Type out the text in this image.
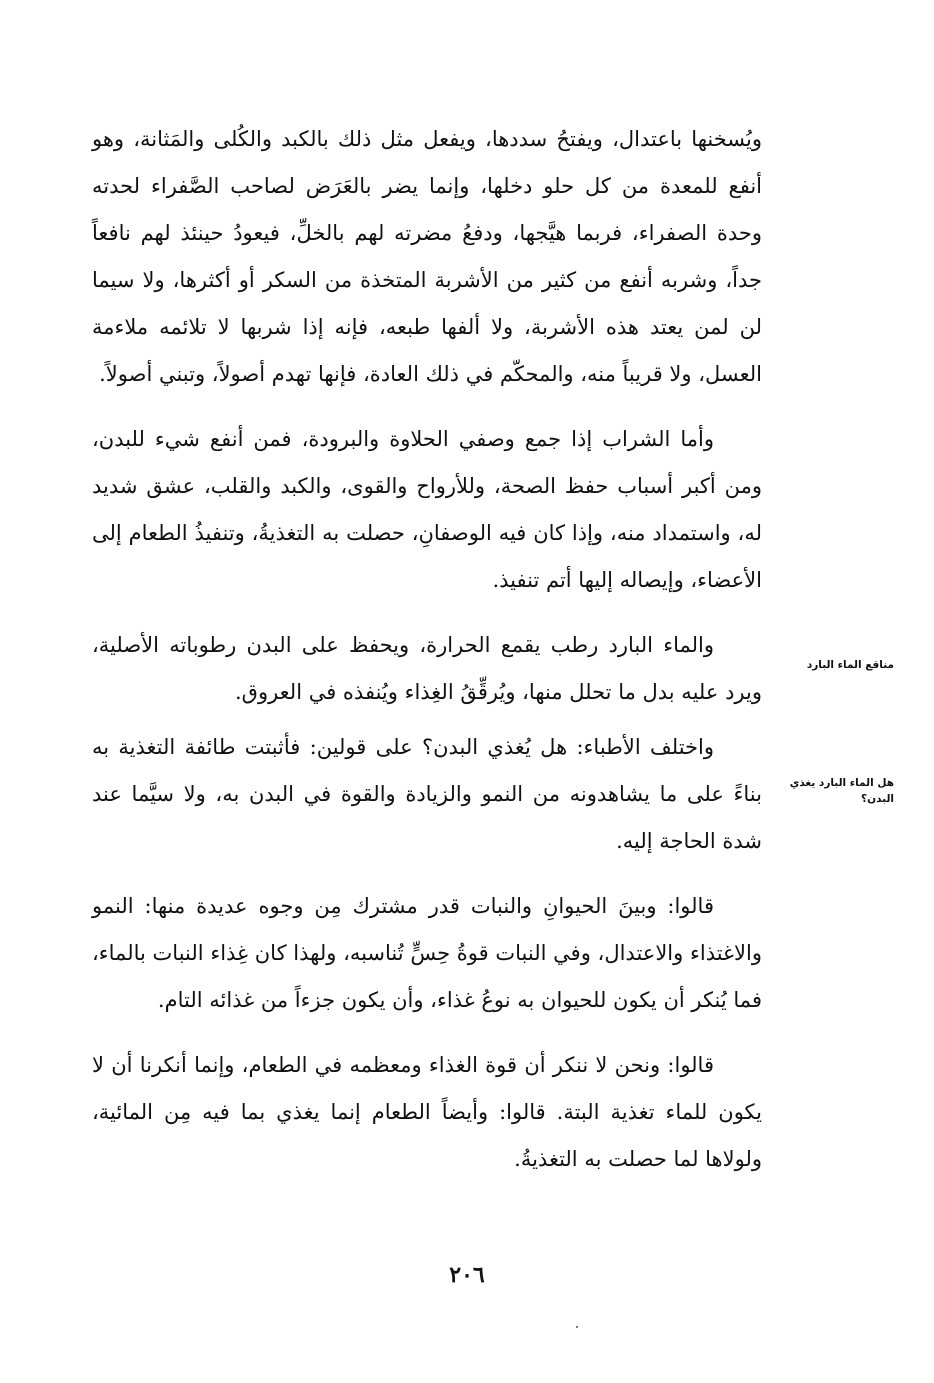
ويُسخنها باعتدال، ويفتحُ سددها، ويفعل مثل ذلك بالكبد والكُلى والمَثانة، وهو أنفع للمعدة من كل حلو دخلها، وإنما يضر بالعَرَض لصاحب الصَّفراء لحدته وحدة الصفراء، فربما هيَّجها، ودفعُ مضرته لهم بالخلِّ، فيعودُ حينئذ لهم نافعاً جداً، وشربه أنفع من كثير من الأشربة المتخذة من السكر أو أكثرها، ولا سيما لن لمن يعتد هذه الأشربة، ولا ألفها طبعه، فإنه إذا شربها لا تلائمه ملاءمة العسل، ولا قريباً منه، والمحكّم في ذلك العادة، فإنها تهدم أصولاً، وتبني أصولاً.

وأما الشراب إذا جمع وصفي الحلاوة والبرودة، فمن أنفع شيء للبدن، ومن أكبر أسباب حفظ الصحة، وللأرواح والقوى، والكبد والقلب، عشق شديد له، واستمداد منه، وإذا كان فيه الوصفانِ، حصلت به التغذيةُ، وتنفيذُ الطعام إلى الأعضاء، وإيصاله إليها أتم تنفيذ.

والماء البارد رطب يقمع الحرارة، ويحفظ على البدن رطوباته الأصلية، ويرد عليه بدل ما تحلل منها، ويُرقِّقُ الغِذاء ويُنفذه في العروق.

واختلف الأطباء: هل يُغذي البدن؟ على قولين: فأثبتت طائفة التغذية به بناءً على ما يشاهدونه من النمو والزيادة والقوة في البدن به، ولا سيَّما عند شدة الحاجة إليه.

قالوا: وبينَ الحيوانِ والنبات قدر مشترك مِن وجوه عديدة منها: النمو والاغتذاء والاعتدال، وفي النبات قوةُ حِسٍّ تُناسبه، ولهذا كان غِذاء النبات بالماء، فما يُنكر أن يكون للحيوان به نوعُ غذاء، وأن يكون جزءاً من غذائه التام.

قالوا: ونحن لا ننكر أن قوة الغذاء ومعظمه في الطعام، وإنما أنكرنا أن لا يكون للماء تغذية البتة. قالوا: وأيضاً الطعام إنما يغذي بما فيه مِن المائية، ولولاها لما حصلت به التغذيةُ.

مناقع الماء البارد
هل الماء البارد يغذي البدن؟
٢٠٦
